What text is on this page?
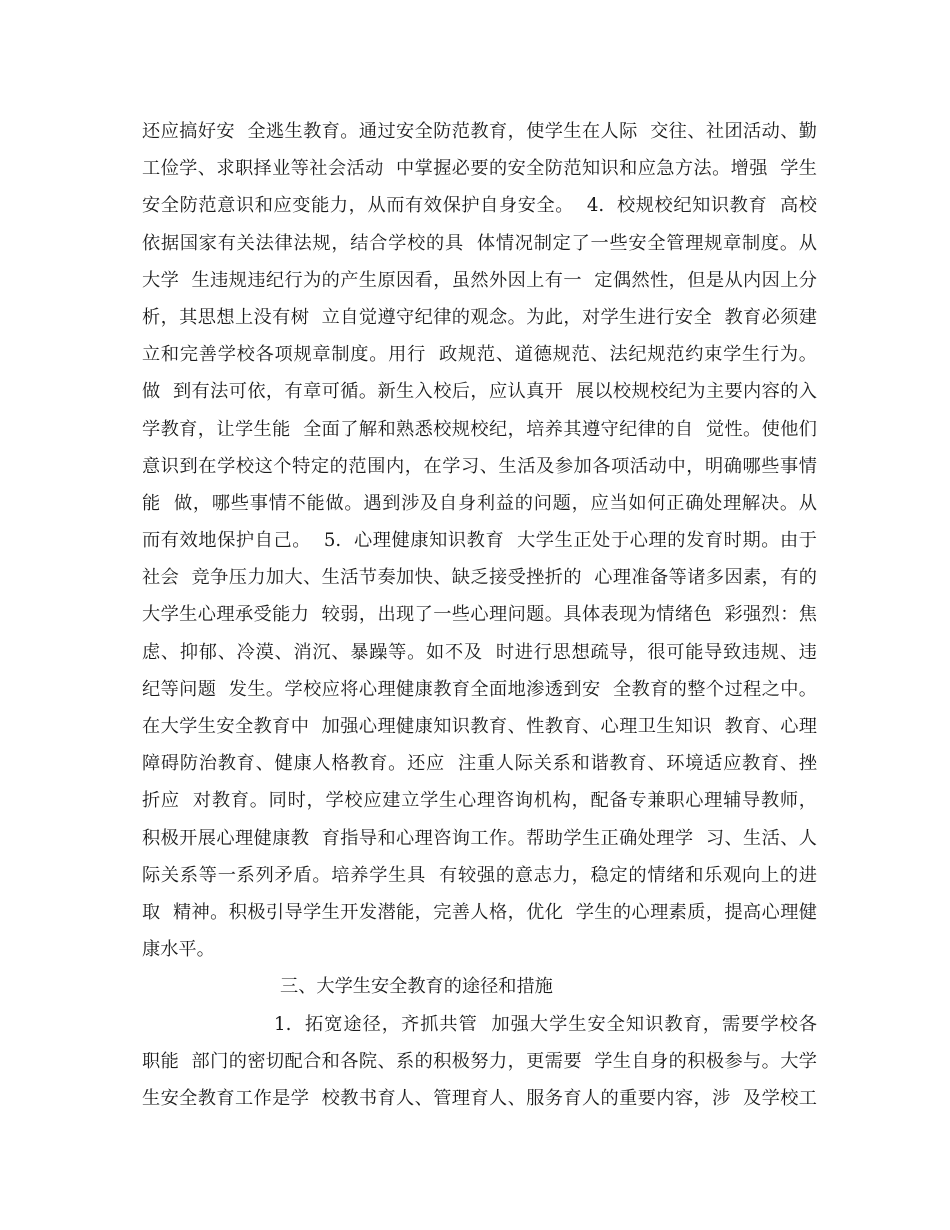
还应搞好安  全逃生教育。通过安全防范教育，使学生在人际  交往、社团活动、勤
工俭学、求职择业等社会活动  中掌握必要的安全防范知识和应急方法。增强  学生
安全防范意识和应变能力，从而有效保护自身安全。  4.  校规校纪知识教育  高校
依据国家有关法律法规，结合学校的具  体情况制定了一些安全管理规章制度。从
大学  生违规违纪行为的产生原因看，虽然外因上有一  定偶然性，但是从内因上分
析，其思想上没有树  立自觉遵守纪律的观念。为此，对学生进行安全  教育必须建
立和完善学校各项规章制度。用行  政规范、道德规范、法纪规范约束学生行为。
做  到有法可依，有章可循。新生入校后，应认真开  展以校规校纪为主要内容的入
学教育，让学生能  全面了解和熟悉校规校纪，培养其遵守纪律的自  觉性。使他们
意识到在学校这个特定的范围内，在学习、生活及参加各项活动中，明确哪些事情
能  做，哪些事情不能做。遇到涉及自身利益的问题，应当如何正确处理解决。从
而有效地保护自己。  5.  心理健康知识教育  大学生正处于心理的发育时期。由于
社会  竞争压力加大、生活节奏加快、缺乏接受挫折的  心理准备等诸多因素，有的
大学生心理承受能力  较弱，出现了一些心理问题。具体表现为情绪色  彩强烈：焦
虑、抑郁、冷漠、消沉、暴躁等。如不及  时进行思想疏导，很可能导致违规、违
纪等问题  发生。学校应将心理健康教育全面地渗透到安  全教育的整个过程之中。
在大学生安全教育中  加强心理健康知识教育、性教育、心理卫生知识  教育、心理
障碍防治教育、健康人格教育。还应  注重人际关系和谐教育、环境适应教育、挫
折应  对教育。同时，学校应建立学生心理咨询机构，配备专兼职心理辅导教师，
积极开展心理健康教  育指导和心理咨询工作。帮助学生正确处理学  习、生活、人
际关系等一系列矛盾。培养学生具  有较强的意志力，稳定的情绪和乐观向上的进
取  精神。积极引导学生开发潜能，完善人格，优化  学生的心理素质，提高心理健
康水平。
三、大学生安全教育的途径和措施
1.  拓宽途径，齐抓共管  加强大学生安全知识教育，需要学校各
职能  部门的密切配合和各院、系的积极努力，更需要  学生自身的积极参与。大学
生安全教育工作是学  校教书育人、管理育人、服务育人的重要内容，涉  及学校工
